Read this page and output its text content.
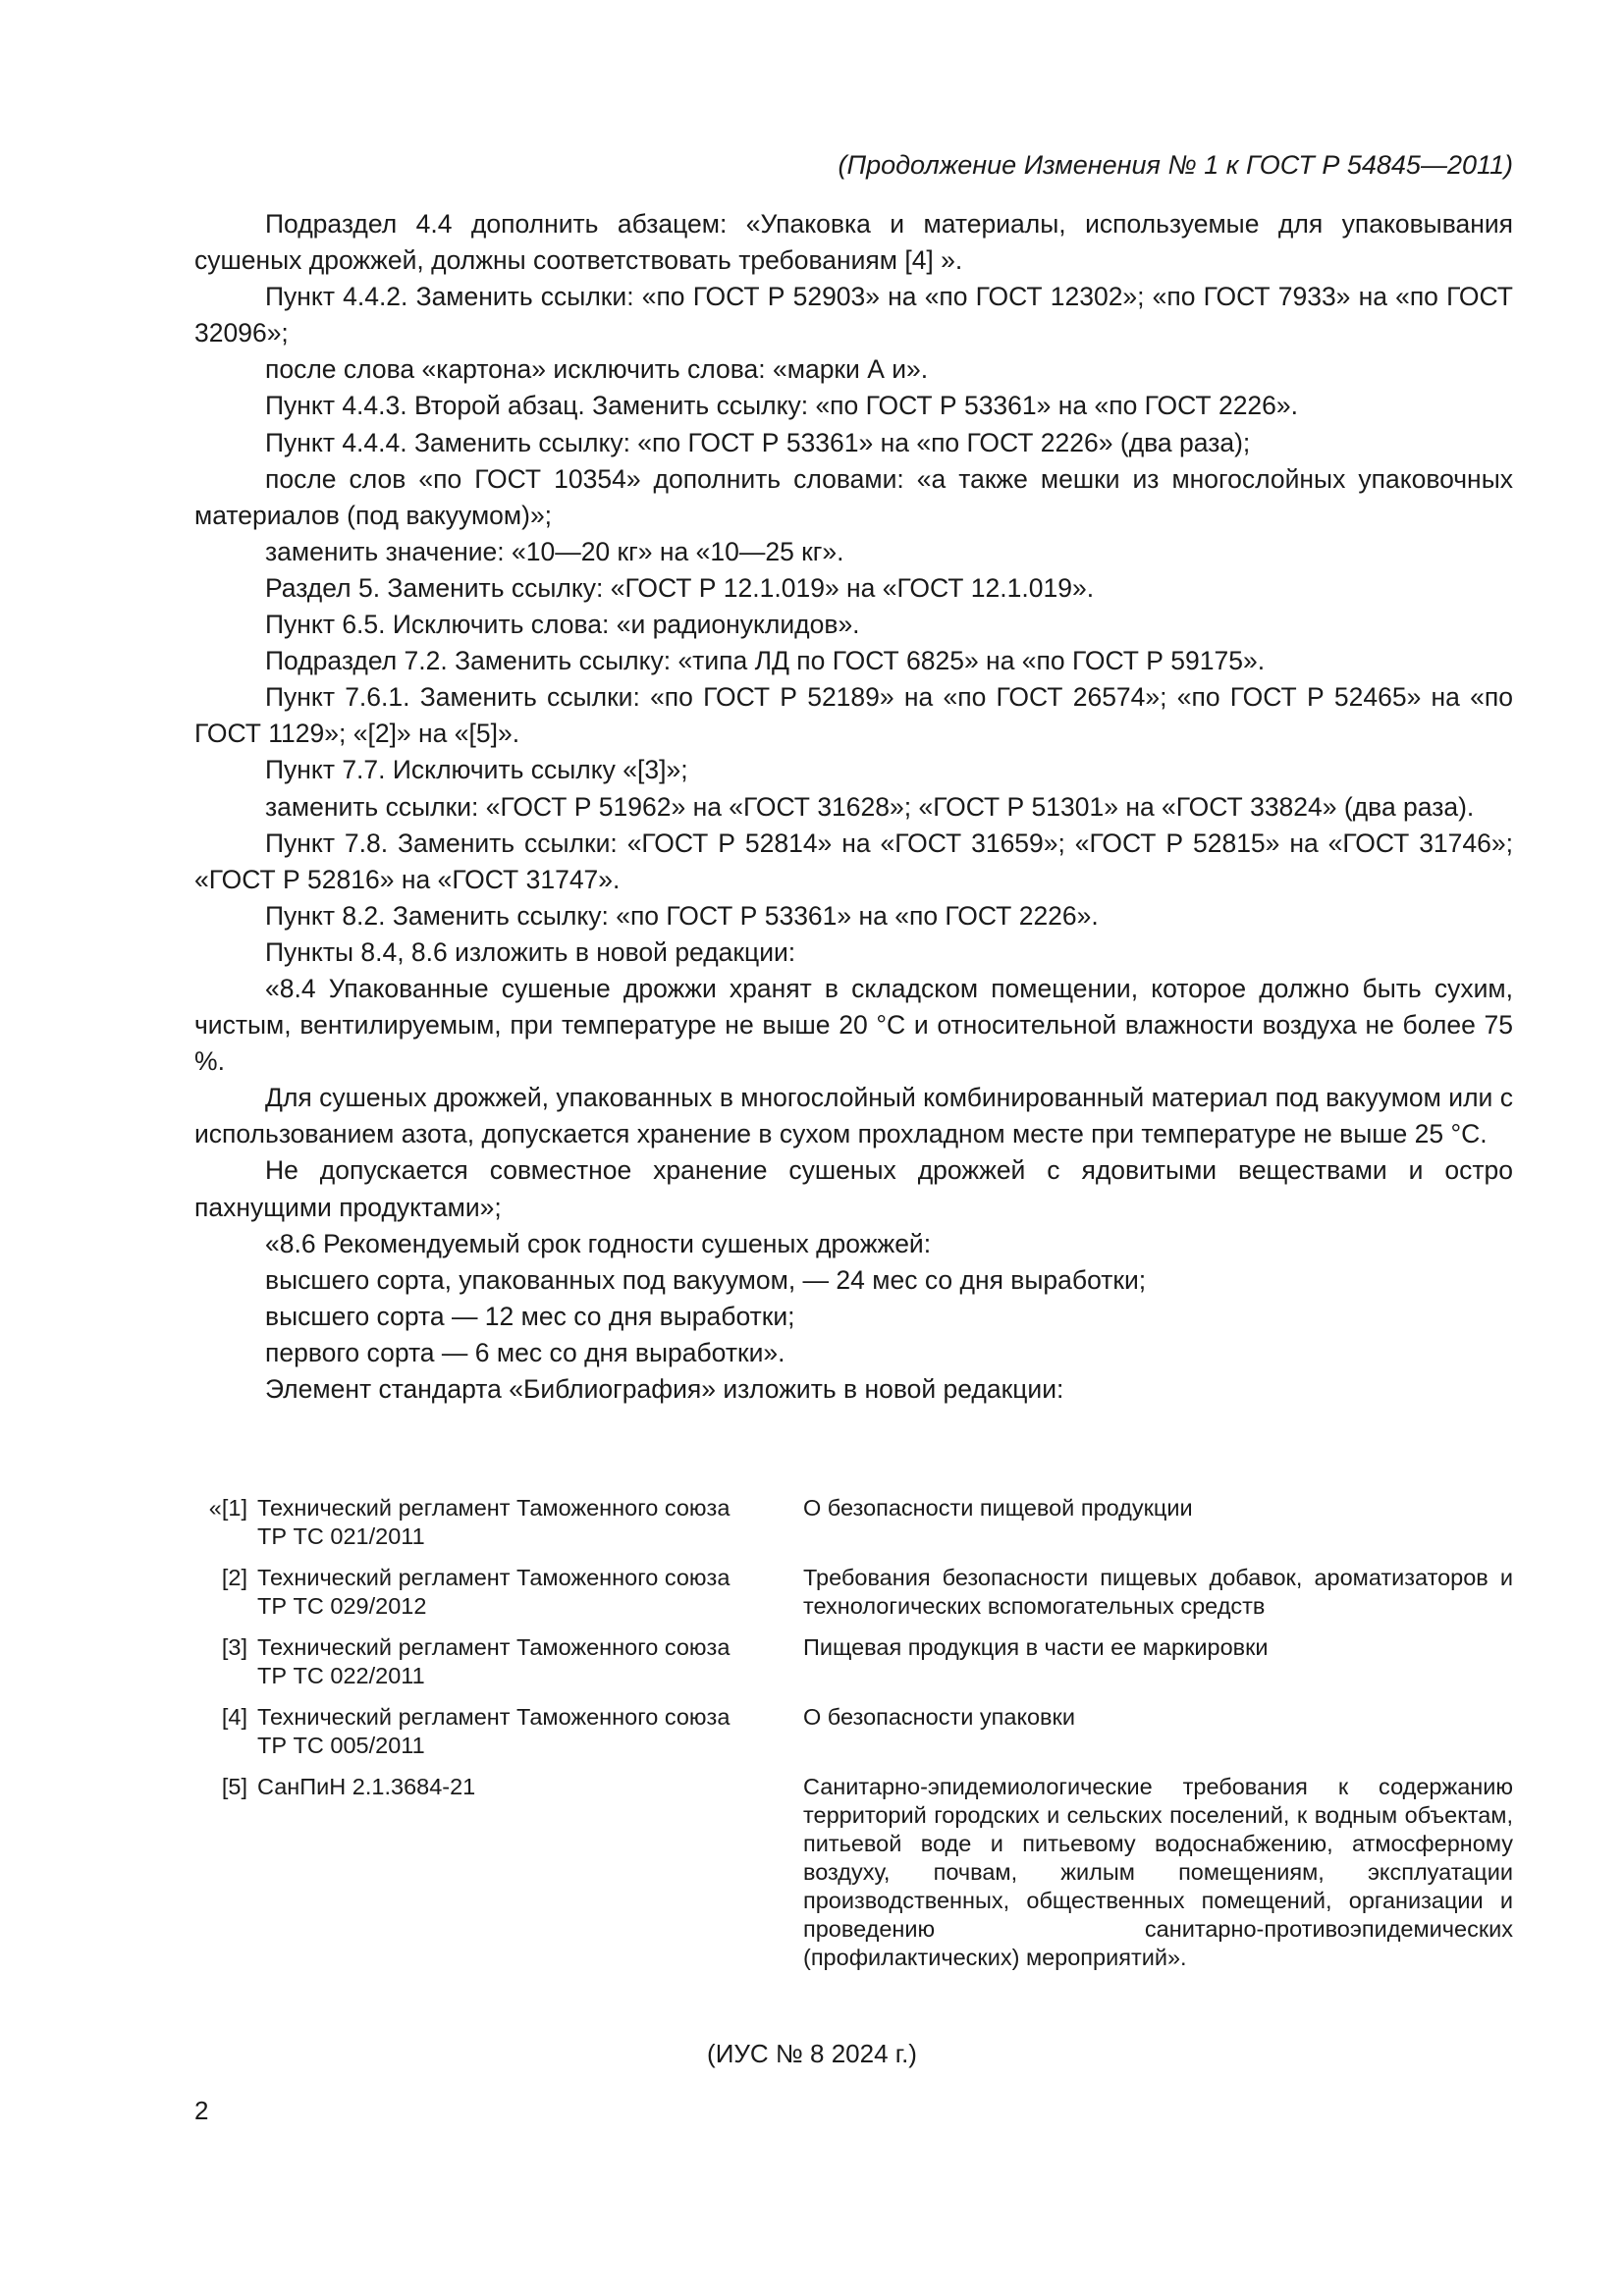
(Продолжение Изменения № 1 к ГОСТ Р 54845—2011)

Подраздел 4.4 дополнить абзацем: «Упаковка и материалы, используемые для упаковывания сушеных дрожжей, должны соответствовать требованиям [4] ».

Пункт 4.4.2. Заменить ссылки: «по ГОСТ Р 52903» на «по ГОСТ 12302»; «по ГОСТ 7933» на «по ГОСТ 32096»;

после слова «картона» исключить слова: «марки А и».

Пункт 4.4.3. Второй абзац. Заменить ссылку: «по ГОСТ Р 53361» на «по ГОСТ 2226».

Пункт 4.4.4. Заменить ссылку: «по ГОСТ Р 53361» на «по ГОСТ 2226» (два раза);

после слов «по ГОСТ 10354» дополнить словами: «а также мешки из многослойных упаковочных материалов (под вакуумом)»;

заменить значение: «10—20 кг» на «10—25 кг».

Раздел 5. Заменить ссылку: «ГОСТ Р 12.1.019» на «ГОСТ 12.1.019».

Пункт 6.5. Исключить слова: «и радионуклидов».

Подраздел 7.2. Заменить ссылку: «типа ЛД по ГОСТ 6825» на «по ГОСТ Р 59175».

Пункт 7.6.1. Заменить ссылки: «по ГОСТ Р 52189» на «по ГОСТ 26574»; «по ГОСТ Р 52465» на «по ГОСТ 1129»; «[2]» на «[5]».

Пункт 7.7. Исключить ссылку «[3]»;

заменить ссылки: «ГОСТ Р 51962» на «ГОСТ 31628»; «ГОСТ Р 51301» на «ГОСТ 33824» (два раза).

Пункт 7.8. Заменить ссылки: «ГОСТ Р 52814» на «ГОСТ 31659»; «ГОСТ Р 52815» на «ГОСТ 31746»; «ГОСТ Р 52816» на «ГОСТ 31747».

Пункт 8.2. Заменить ссылку: «по ГОСТ Р 53361» на «по ГОСТ 2226».

Пункты 8.4, 8.6 изложить в новой редакции:

«8.4 Упакованные сушеные дрожжи хранят в складском помещении, которое должно быть сухим, чистым, вентилируемым, при температуре не выше 20 °С и относительной влажности воздуха не более 75 %.

Для сушеных дрожжей, упакованных в многослойный комбинированный материал под вакуумом или с использованием азота, допускается хранение в сухом прохладном месте при температуре не выше 25 °С.

Не допускается совместное хранение сушеных дрожжей с ядовитыми веществами и остро пахнущими продуктами»;

«8.6 Рекомендуемый срок годности сушеных дрожжей:

высшего сорта, упакованных под вакуумом, — 24 мес со дня выработки;

высшего сорта — 12 мес со дня выработки;

первого сорта — 6 мес со дня выработки».

Элемент стандарта «Библиография» изложить в новой редакции:

«[1] Технический регламент Таможенного союза
ТР ТС 021/2011
О безопасности пищевой продукции
[2] Технический регламент Таможенного союза
ТР ТС 029/2012
Требования безопасности пищевых добавок, ароматизаторов и технологических вспомогательных средств
[3] Технический регламент Таможенного союза
ТР ТС 022/2011
Пищевая продукция в части ее маркировки
[4] Технический регламент Таможенного союза
ТР ТС 005/2011
О безопасности упаковки
[5] СанПиН 2.1.3684-21	Санитарно-эпидемиологические требования к содержанию территорий городских и сельских поселений, к водным объектам, питьевой воде и питьевому водоснабжению, атмосферному воздуху, почвам, жилым помещениям, эксплуатации производственных, общественных помещений, организации и проведению санитарно-противоэпидемических (профилактических) мероприятий».
(ИУС № 8 2024 г.)
2
